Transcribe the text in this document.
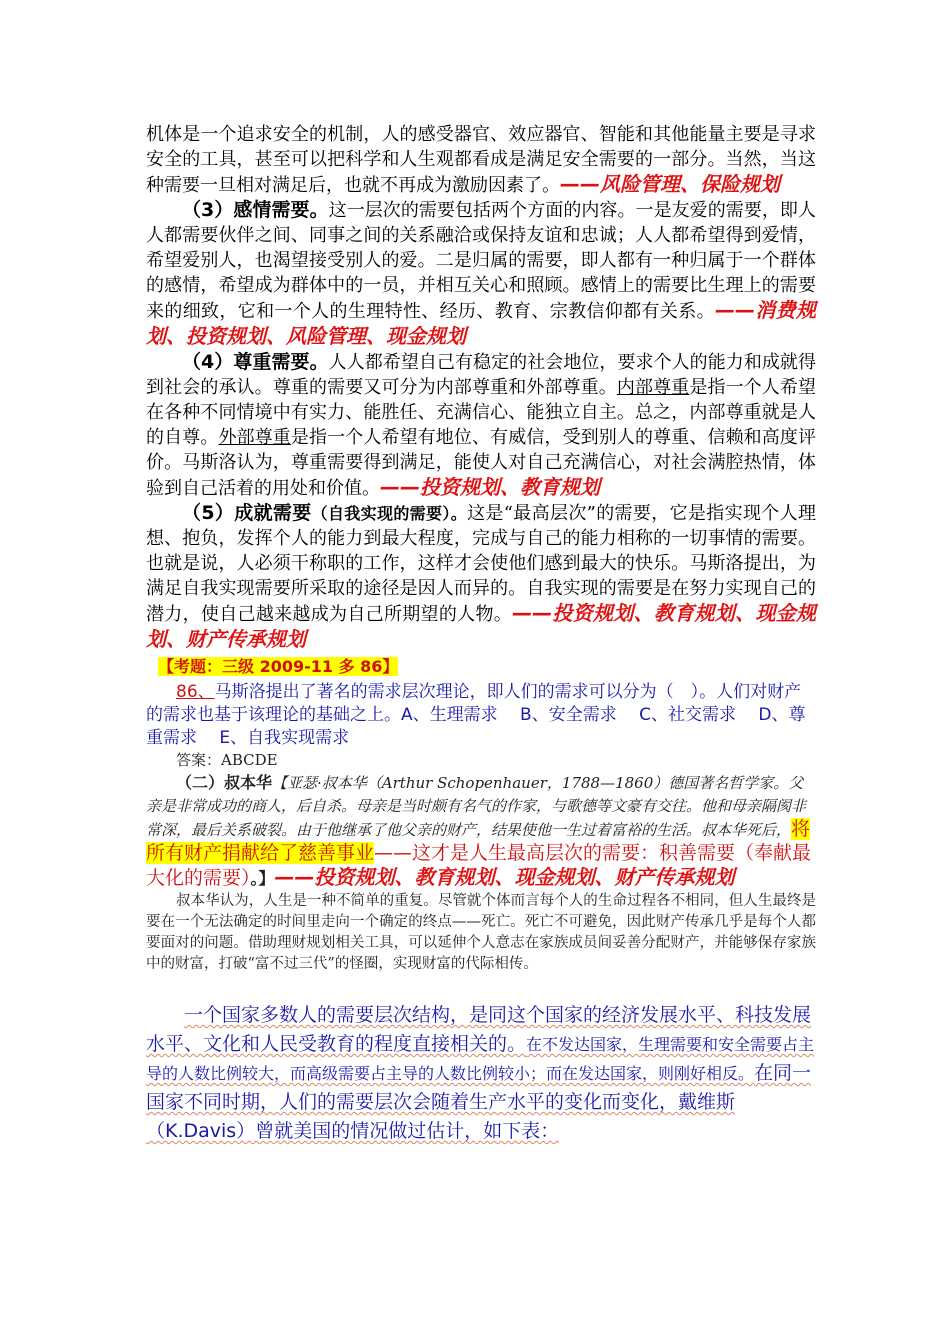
机体是一个追求安全的机制，人的感受器官、效应器官、智能和其他能量主要是寻求安全的工具，甚至可以把科学和人生观都看成是满足安全需要的一部分。当然，当这种需要一旦相对满足后，也就不再成为激励因素了。——风险管理、保险规划

（3）感情需要。这一层次的需要包括两个方面的内容。一是友爱的需要，即人人都需要伙伴之间、同事之间的关系融洽或保持友谊和忠诚；人人都希望得到爱情，希望爱别人，也渴望接受别人的爱。二是归属的需要，即人都有一种归属于一个群体的感情，希望成为群体中的一员，并相互关心和照顾。感情上的需要比生理上的需要来的细致，它和一个人的生理特性、经历、教育、宗教信仰都有关系。——消费规划、投资规划、风险管理、现金规划

（4）尊重需要。人人都希望自己有稳定的社会地位，要求个人的能力和成就得到社会的承认。尊重的需要又可分为内部尊重和外部尊重。内部尊重是指一个人希望在各种不同情境中有实力、能胜任、充满信心、能独立自主。总之，内部尊重就是人的自尊。外部尊重是指一个人希望有地位、有威信，受到别人的尊重、信赖和高度评价。马斯洛认为，尊重需要得到满足，能使人对自己充满信心，对社会满腔热情，体验到自己活着的用处和价值。——投资规划、教育规划

（5）成就需要（自我实现的需要）。这是“最高层次”的需要，它是指实现个人理想、抱负，发挥个人的能力到最大程度，完成与自己的能力相称的一切事情的需要。也就是说，人必须干称职的工作，这样才会使他们感到最大的快乐。马斯洛提出，为满足自我实现需要所采取的途径是因人而异的。自我实现的需要是在努力实现自己的潜力，使自己越来越成为自己所期望的人物。——投资规划、教育规划、现金规划、财产传承规划

【考题：三级 2009-11 多 86】

86、马斯洛提出了著名的需求层次理论，即人们的需求可以分为（　）。人们对财产的需求也基于该理论的基础之上。A、生理需求　 B、安全需求　 C、社交需求　 D、尊重需求　 E、自我实现需求

答案：ABCDE

（二）叔本华【亚瑟·叔本华（Arthur Schopenhauer，1788—1860）德国著名哲学家。父亲是非常成功的商人，后自杀。母亲是当时颇有名气的作家，与歌德等文豪有交往。他和母亲隔阂非常深，最后关系破裂。由于他继承了他父亲的财产，结果使他一生过着富裕的生活。叔本华死后，将所有财产捐献给了慈善事业——这才是人生最高层次的需要：积善需要（奉献最大化的需要）。】——投资规划、教育规划、现金规划、财产传承规划

叔本华认为，人生是一种不简单的重复。尽管就个体而言每个人的生命过程各不相同，但人生最终是要在一个无法确定的时间里走向一个确定的终点——死亡。死亡不可避免，因此财产传承几乎是每个人都要面对的问题。借助理财规划相关工具，可以延伸个人意志在家族成员间妥善分配财产，并能够保存家族中的财富，打破“富不过三代”的怪圈，实现财富的代际相传。

一个国家多数人的需要层次结构，是同这个国家的经济发展水平、科技发展水平、文化和人民受教育的程度直接相关的。在不发达国家，生理需要和安全需要占主导的人数比例较大，而高级需要占主导的人数比例较小；而在发达国家，则刚好相反。在同一国家不同时期，人们的需要层次会随着生产水平的变化而变化，戴维斯（K.Davis）曾就美国的情况做过估计，如下表：
